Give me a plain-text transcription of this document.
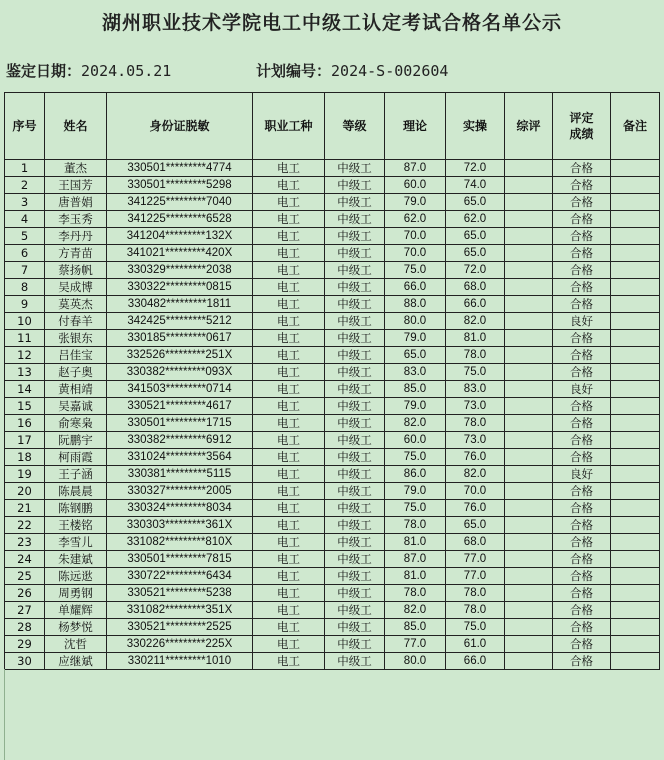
湖州职业技术学院电工中级工认定考试合格名单公示
鉴定日期：2024.05.21	计划编号：2024-S-002604
序号	姓名	身份证脱敏	职业工种	等级	理论	实操	综评	评定成绩	备注
1	董杰	330501*********4774	电工	中级工	87.0	72.0		合格	
2	王国芳	330501*********5298	电工	中级工	60.0	74.0		合格	
3	唐普娟	341225*********7040	电工	中级工	79.0	65.0		合格	
4	李玉秀	341225*********6528	电工	中级工	62.0	62.0		合格	
5	李丹丹	341204*********132X	电工	中级工	70.0	65.0		合格	
6	方青苗	341021*********420X	电工	中级工	70.0	65.0		合格	
7	蔡扬帆	330329*********2038	电工	中级工	75.0	72.0		合格	
8	吴成博	330322*********0815	电工	中级工	66.0	68.0		合格	
9	莫英杰	330482*********1811	电工	中级工	88.0	66.0		合格	
10	付春羊	342425*********5212	电工	中级工	80.0	82.0		良好	
11	张银东	330185*********0617	电工	中级工	79.0	81.0		合格	
12	吕佳宝	332526*********251X	电工	中级工	65.0	78.0		合格	
13	赵子奥	330382*********093X	电工	中级工	83.0	75.0		合格	
14	黄相靖	341503*********0714	电工	中级工	85.0	83.0		良好	
15	吴嘉诚	330521*********4617	电工	中级工	79.0	73.0		合格	
16	俞寒枭	330501*********1715	电工	中级工	82.0	78.0		合格	
17	阮鹏宇	330382*********6912	电工	中级工	60.0	73.0		合格	
18	柯雨霞	331024*********3564	电工	中级工	75.0	76.0		合格	
19	王子涵	330381*********5115	电工	中级工	86.0	82.0		良好	
20	陈晨晨	330327*********2005	电工	中级工	79.0	70.0		合格	
21	陈钢鹏	330324*********8034	电工	中级工	75.0	76.0		合格	
22	王楼铭	330303*********361X	电工	中级工	78.0	65.0		合格	
23	李雪儿	331082*********810X	电工	中级工	81.0	68.0		合格	
24	朱建斌	330501*********7815	电工	中级工	87.0	77.0		合格	
25	陈远逖	330722*********6434	电工	中级工	81.0	77.0		合格	
26	周勇钢	330521*********5238	电工	中级工	78.0	78.0		合格	
27	单耀辉	331082*********351X	电工	中级工	82.0	78.0		合格	
28	杨梦悦	330521*********2525	电工	中级工	85.0	75.0		合格	
29	沈哲	330226*********225X	电工	中级工	77.0	61.0		合格	
30	应继斌	330211*********1010	电工	中级工	80.0	66.0		合格	
